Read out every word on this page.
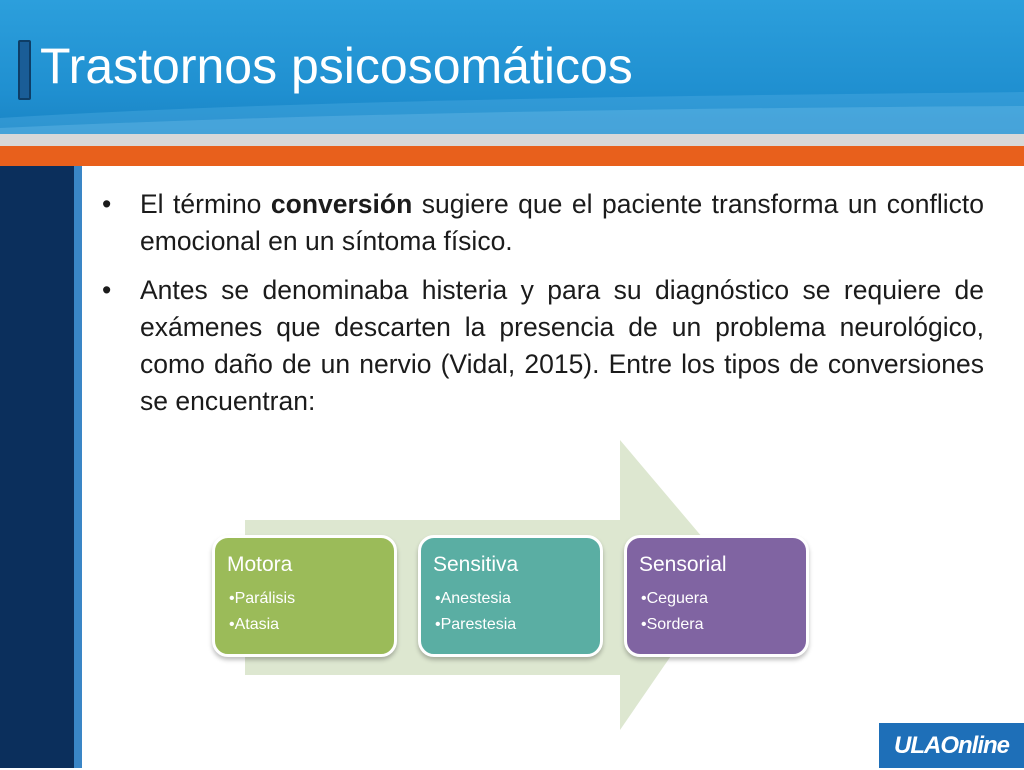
Trastornos psicosomáticos
• El término conversión sugiere que el paciente transforma un conflicto emocional en un síntoma físico.
• Antes se denominaba histeria y para su diagnóstico se requiere de exámenes que descarten la presencia de un problema neurológico, como daño de un nervio (Vidal, 2015). Entre los tipos de conversiones se encuentran:
Motora
•Parálisis
•Atasia
Sensitiva
•Anestesia
•Parestesia
Sensorial
•Ceguera
•Sordera
ULAOnline
